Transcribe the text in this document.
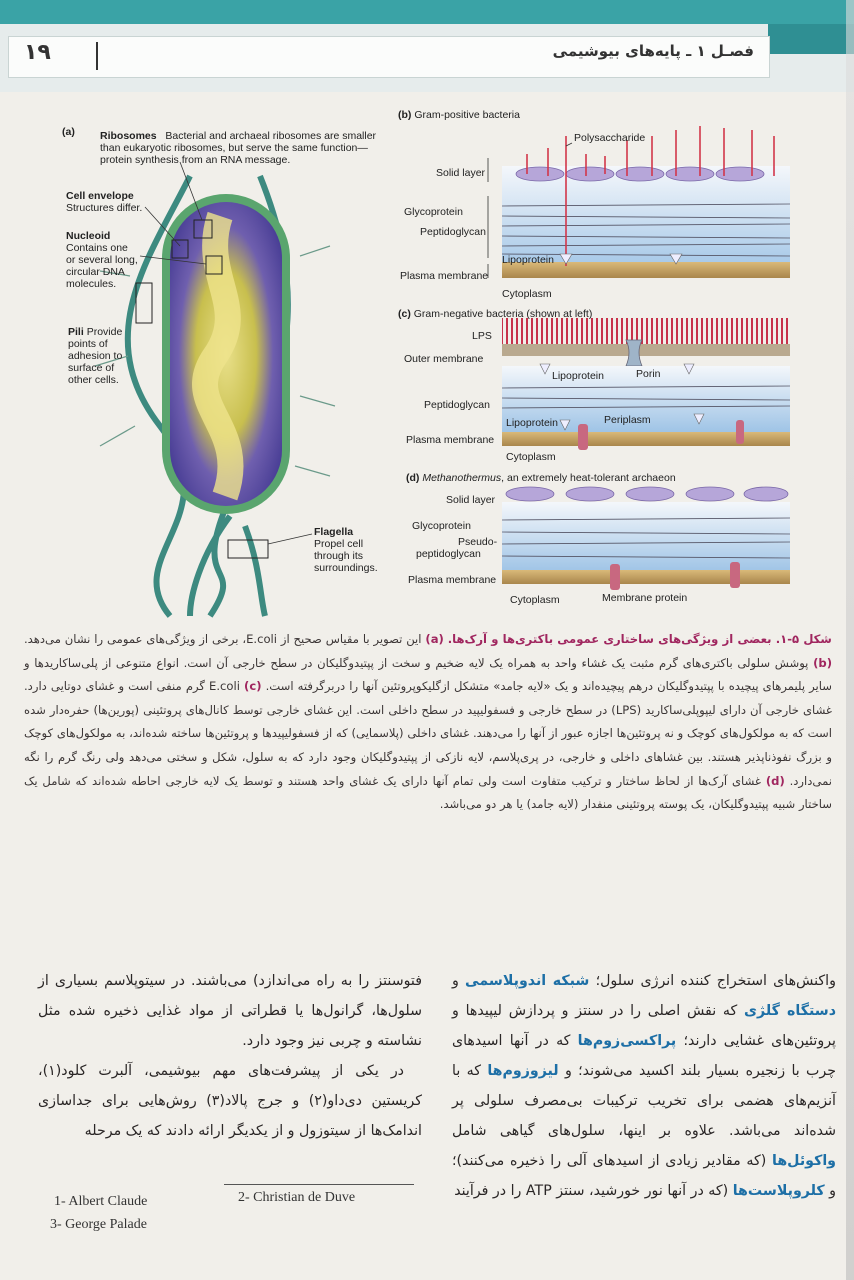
۱۹	فصـل ۱ ـ پایه‌های بیوشیمی
(a) Ribosomes Bacterial and archaeal ribosomes are smaller
than eukaryotic ribosomes, but serve the same function—
protein synthesis from an RNA message.
Cell envelope
Structures differ.
Nucleoid
Contains one
or several long,
circular DNA
molecules.
Pili Provide
points of
adhesion to
surface of
other cells.
Flagella
Propel cell
through its
surroundings.
(b) Gram-positive bacteria
Polysaccharide
Solid layer
Glycoprotein
Peptidoglycan
Lipoprotein
Plasma membrane
Cytoplasm
(c) Gram-negative bacteria (shown at left)
LPS
Outer membrane
Lipoprotein	Porin
Peptidoglycan
Lipoprotein	Periplasm
Plasma membrane
Cytoplasm
(d) Methanothermus, an extremely heat-tolerant archaeon
Solid layer
Glycoprotein
Pseudo-
peptidoglycan
Plasma membrane
Cytoplasm	Membrane protein
شکل ۵-۱. بعضی از ویژگی‌های ساختاری عمومی باکتری‌ها و آرک‌ها. (a) این تصویر با مقیاس صحیح از E.coli، برخی از ویژگی‌های عمومی را نشان می‌دهد. (b) پوشش سلولی باکتری‌های گرم مثبت یک غشاء واحد به همراه یک لایه ضخیم و سخت از پپتیدوگلیکان در سطح خارجی آن است. انواع متنوعی از پلی‌ساکاریدها و سایر پلیمرهای پیچیده با پپتیدوگلیکان درهم پیچیده‌اند و یک «لایه جامد» متشکل ازگلیکوپروتئین آنها را دربرگرفته است. (c) E.coli گرم منفی است و غشای دوتایی دارد. غشای خارجی آن دارای لیپوپلی‌ساکارید (LPS) در سطح خارجی و فسفولیپید در سطح داخلی است. این غشای خارجی توسط کانال‌های پروتئینی (پورین‌ها) حفره‌دار شده است که به مولکول‌های کوچک و نه پروتئین‌ها اجازه عبور از آنها را می‌دهند. غشای داخلی (پلاسمایی) که از فسفولیپیدها و پروتئین‌ها ساخته شده‌اند، به مولکول‌های کوچک و بزرگ نفوذناپذیر هستند. بین غشاهای داخلی و خارجی، در پری‌پلاسم، لایه نازکی از پپتیدوگلیکان وجود دارد که به سلول، شکل و سختی می‌دهد ولی رنگ گرم را نگه نمی‌دارد. (d) غشای آرک‌ها از لحاظ ساختار و ترکیب متفاوت است ولی تمام آنها دارای یک غشای واحد هستند و توسط یک لایه خارجی احاطه شده‌اند که شامل یک ساختار شبیه پپتیدوگلیکان، یک پوسته پروتئینی منفدار (لایه جامد) یا هر دو می‌باشد.
واکنش‌های استخراج کننده انرژی سلول؛ شبکه اندوپلاسمی و دستگاه گلژی که نقش اصلی را در سنتز و پردازش لیپیدها و پروتئین‌های غشایی دارند؛ پراکسی‌زوم‌ها که در آنها اسیدهای چرب با زنجیره بسیار بلند اکسید می‌شوند؛ و لیزوزوم‌ها که با آنزیم‌های هضمی برای تخریب ترکیبات بی‌مصرف سلولی پر شده‌اند می‌باشد. علاوه بر اینها، سلول‌های گیاهی شامل واکوئل‌ها (که مقادیر زیادی از اسیدهای آلی را ذخیره می‌کنند)؛ و کلروپلاست‌ها (که در آنها نور خورشید، سنتز ATP را در فرآیند
فتوسنتز را به راه می‌اندازد) می‌باشند. در سیتوپلاسم بسیاری از سلول‌ها، گرانول‌ها یا قطراتی از مواد غذایی ذخیره شده مثل نشاسته و چربی نیز وجود دارد.
در یکی از پیشرفت‌های مهم بیوشیمی، آلبرت کلود(۱)، کریستین دی‌داو(۲) و جرج پالاد(۳) روش‌هایی برای جداسازی اندامک‌ها از سیتوزول و از یکدیگر ارائه دادند که یک مرحله
1- Albert Claude	2- Christian de Duve
3- George Palade
